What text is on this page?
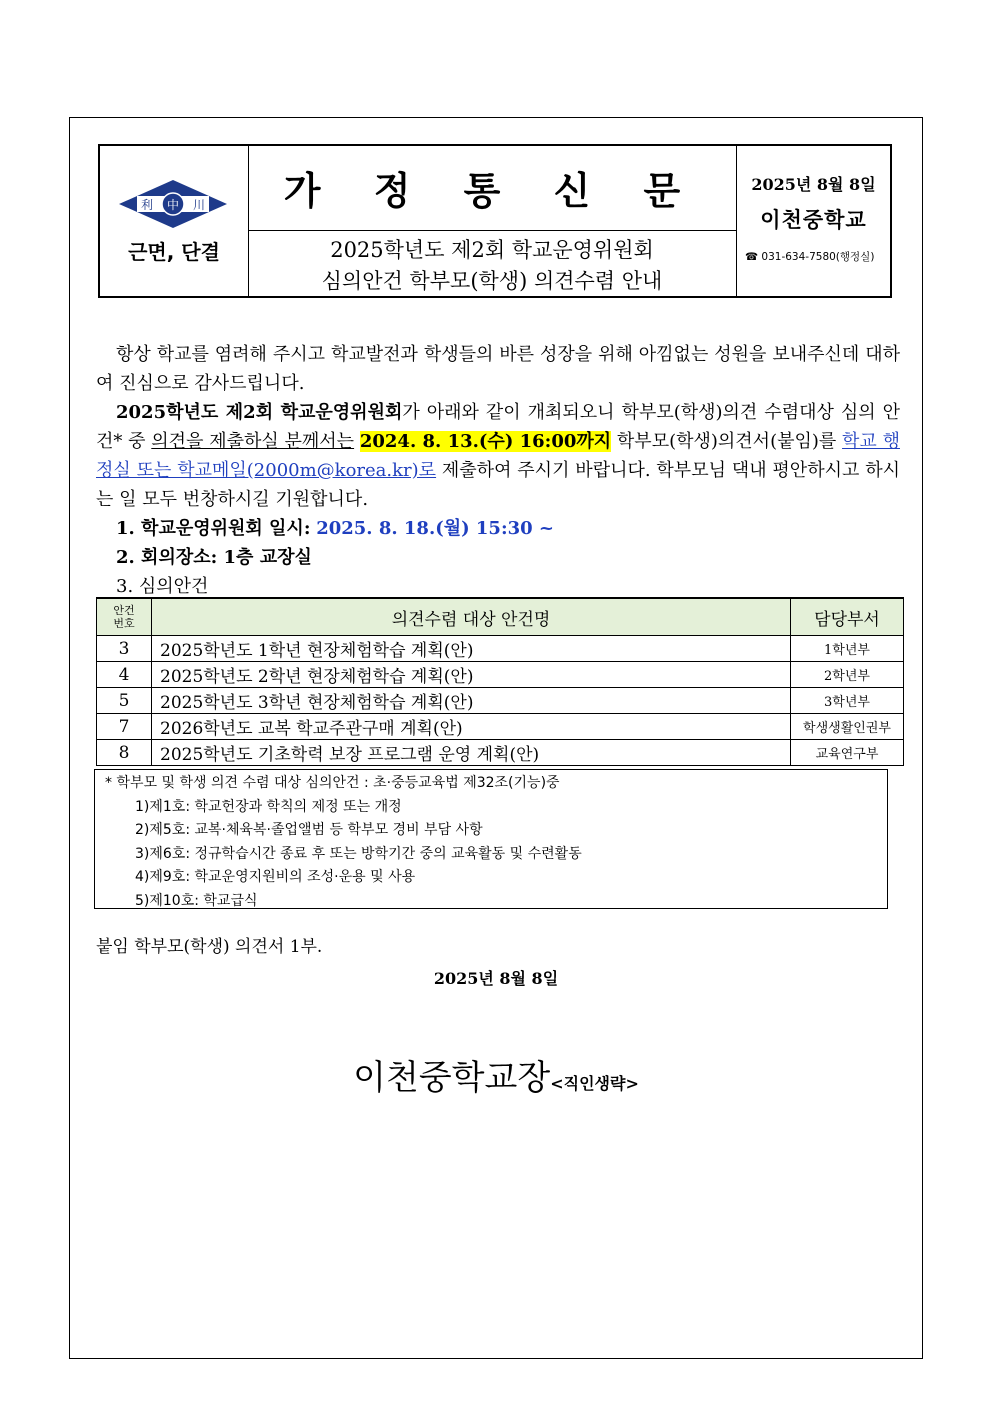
利 中 川
근면, 단결
가 정 통 신 문
2025학년도 제2회 학교운영위원회
심의안건 학부모(학생) 의견수렴 안내
2025년 8월 8일
이천중학교
☎ 031-634-7580(행정실)

항상 학교를 염려해 주시고 학교발전과 학생들의 바른 성장을 위해 아낌없는 성원을 보내주신데 대하여 진심으로 감사드립니다.

2025학년도 제2회 학교운영위원회가 아래와 같이 개최되오니 학부모(학생)의견 수렴대상 심의 안건* 중 의견을 제출하실 분께서는 2024. 8. 13.(수) 16:00까지 학부모(학생)의견서(붙임)를 학교 행정실 또는 학교메일(2000m@korea.kr)로 제출하여 주시기 바랍니다. 학부모님 댁내 평안하시고 하시는 일 모두 번창하시길 기원합니다.

1. 학교운영위원회 일시: 2025. 8. 18.(월) 15:30 ~

2. 회의장소: 1층 교장실

3. 심의안건

안건
번호	의견수렴 대상 안건명	담당부서
3	2025학년도 1학년 현장체험학습 계획(안)	1학년부
4	2025학년도 2학년 현장체험학습 계획(안)	2학년부
5	2025학년도 3학년 현장체험학습 계획(안)	3학년부
7	2026학년도 교복 학교주관구매 계획(안)	학생생활인권부
8	2025학년도 기초학력 보장 프로그램 운영 계획(안)	교육연구부
* 학부모 및 학생 의견 수렴 대상 심의안건 : 초·중등교육법 제32조(기능)중
1)제1호: 학교헌장과 학칙의 제정 또는 개정
2)제5호: 교복·체육복·졸업앨범 등 학부모 경비 부담 사항
3)제6호: 정규학습시간 종료 후 또는 방학기간 중의 교육활동 및 수련활동
4)제9호: 학교운영지원비의 조성·운용 및 사용
5)제10호: 학교급식
붙임 학부모(학생) 의견서 1부.
2025년 8월 8일
이천중학교장<직인생략>
